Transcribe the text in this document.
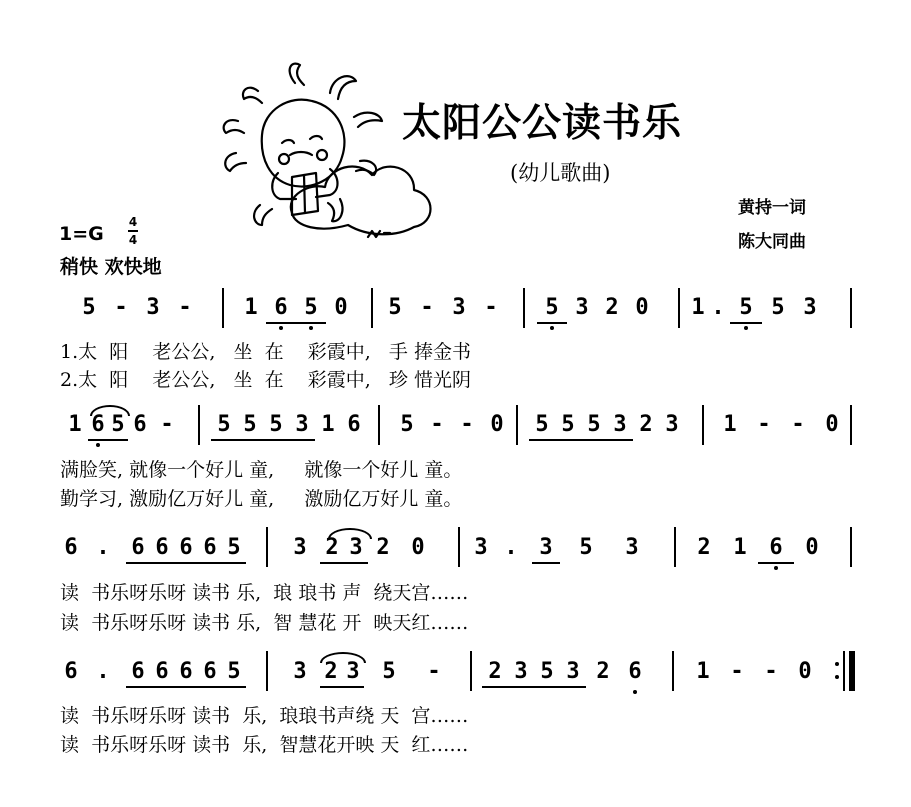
太阳公公读书乐
(幼儿歌曲)
黄持一词
陈大同曲
1=G
4
4
稍快 欢快地
5 - 3 -	1 6 5 0	5 - 3 -	5 3 2 0	1 . 5 5 3
1.太  阳    老公公,   坐  在    彩霞中,   手 捧金书
2.太  阳    老公公,   坐  在    彩霞中,   珍 惜光阴
1 6 5 6 -	5 5 5 3 1 6	5 - - 0	5 5 5 3 2 3	1 - - 0
满脸笑, 就像一个好儿 童,     就像一个好儿 童。
勤学习, 激励亿万好儿 童,     激励亿万好儿 童。
6 . 6 6 6 6 5	3 2 3 2 0	3 . 3 5 3	2 1 6 0
读  书乐呀乐呀 读书 乐,  琅 琅书 声  绕天宫……
读  书乐呀乐呀 读书 乐,  智 慧花 开  映天红……
6 . 6 6 6 6 5	3 2 3 5 -	2 3 5 3 2 6	1 - - 0
读  书乐呀乐呀 读书  乐,  琅琅书声绕 天  宫……
读  书乐呀乐呀 读书  乐,  智慧花开映 天  红……
